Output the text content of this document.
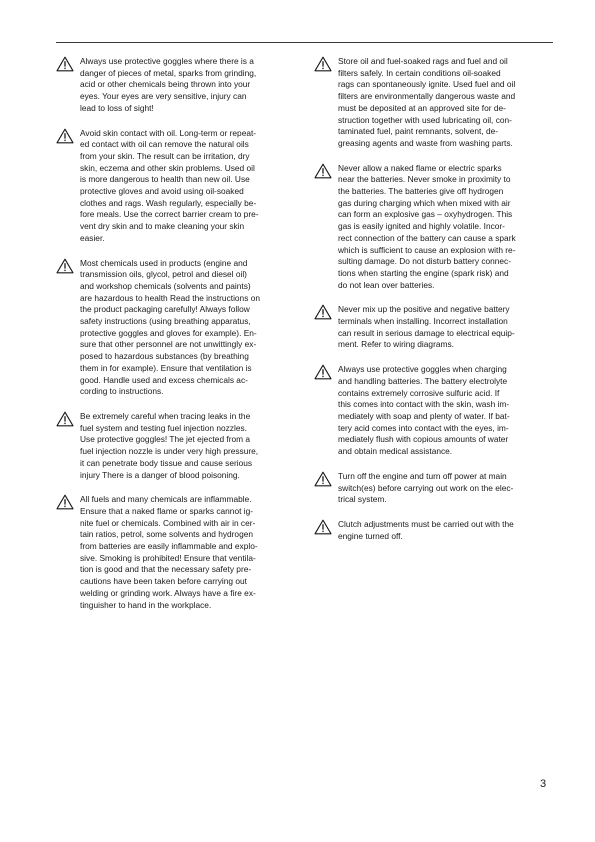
Always use protective goggles where there is a
danger of pieces of metal, sparks from grinding,
acid or other chemicals being thrown into your
eyes. Your eyes are very sensitive, injury can
lead to loss of sight!

Avoid skin contact with oil. Long-term or repeat-
ed contact with oil can remove the natural oils
from your skin. The result can be irritation, dry
skin, eczema and other skin problems. Used oil
is more dangerous to health than new oil. Use
protective gloves and avoid using oil-soaked
clothes and rags. Wash regularly, especially be-
fore meals. Use the correct barrier cream to pre-
vent dry skin and to make cleaning your skin
easier.

Most chemicals used in products (engine and
transmission oils, glycol, petrol and diesel oil)
and workshop chemicals (solvents and paints)
are hazardous to health Read the instructions on
the product packaging carefully! Always follow
safety instructions (using breathing apparatus,
protective goggles and gloves for example). En-
sure that other personnel are not unwittingly ex-
posed to hazardous substances (by breathing
them in for example). Ensure that ventilation is
good. Handle used and excess chemicals ac-
cording to instructions.

Be extremely careful when tracing leaks in the
fuel system and testing fuel injection nozzles.
Use protective goggles! The jet ejected from a
fuel injection nozzle is under very high pressure,
it can penetrate body tissue and cause serious
injury There is a danger of blood poisoning.

All fuels and many chemicals are inflammable.
Ensure that a naked flame or sparks cannot ig-
nite fuel or chemicals. Combined with air in cer-
tain ratios, petrol, some solvents and hydrogen
from batteries are easily inflammable and explo-
sive. Smoking is prohibited! Ensure that ventila-
tion is good and that the necessary safety pre-
cautions have been taken before carrying out
welding or grinding work. Always have a fire ex-
tinguisher to hand in the workplace.

Store oil and fuel-soaked rags and fuel and oil
filters safely. In certain conditions oil-soaked
rags can spontaneously ignite. Used fuel and oil
filters are environmentally dangerous waste and
must be deposited at an approved site for de-
struction together with used lubricating oil, con-
taminated fuel, paint remnants, solvent, de-
greasing agents and waste from washing parts.

Never allow a naked flame or electric sparks
near the batteries. Never smoke in proximity to
the batteries. The batteries give off hydrogen
gas during charging which when mixed with air
can form an explosive gas – oxyhydrogen. This
gas is easily ignited and highly volatile. Incor-
rect connection of the battery can cause a spark
which is sufficient to cause an explosion with re-
sulting damage. Do not disturb battery connec-
tions when starting the engine (spark risk) and
do not lean over batteries.

Never mix up the positive and negative battery
terminals when installing. Incorrect installation
can result in serious damage to electrical equip-
ment. Refer to wiring diagrams.

Always use protective goggles when charging
and handling batteries. The battery electrolyte
contains extremely corrosive sulfuric acid. If
this comes into contact with the skin, wash im-
mediately with soap and plenty of water. If bat-
tery acid comes into contact with the eyes, im-
mediately flush with copious amounts of water
and obtain medical assistance.

Turn off the engine and turn off power at main
switch(es) before carrying out work on the elec-
trical system.

Clutch adjustments must be carried out with the
engine turned off.

3
